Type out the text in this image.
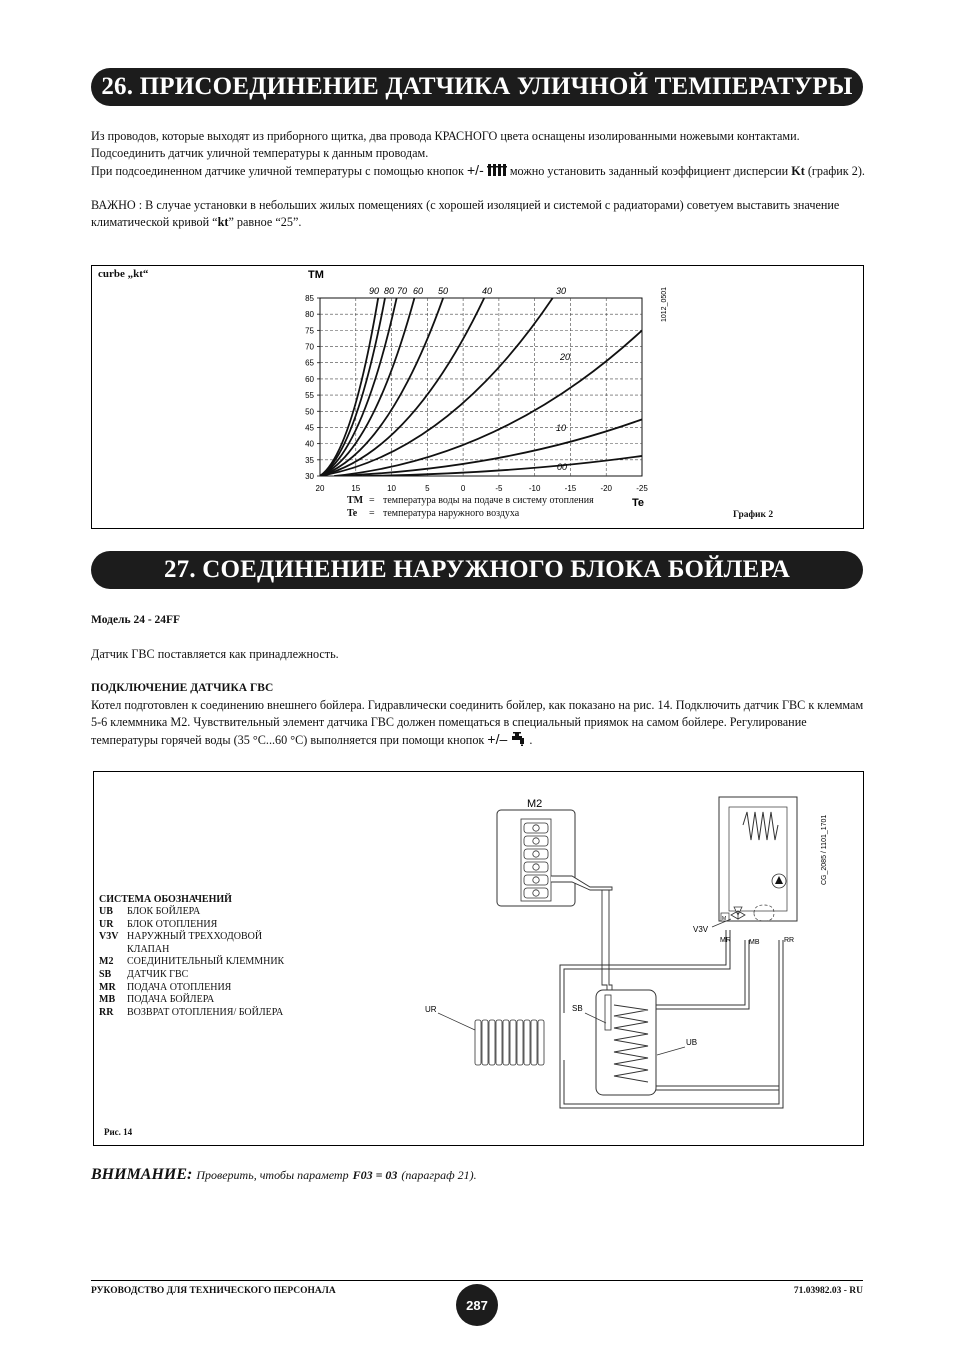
26. ПРИСОЕДИНЕНИЕ ДАТЧИКА УЛИЧНОЙ ТЕМПЕРАТУРЫ

Из проводов, которые выходят из приборного щитка, два провода КРАСНОГО цвета оснащены изолированными ножевыми контактами. Подсоединить датчик уличной температуры к данным проводам.

При подсоединенном датчике уличной температуры с помощью кнопок +/- можно установить заданный коэффициент дисперсии Kt (график 2).

ВАЖНО : В случае установки в небольших жилых помещениях (с хорошей изоляцией и системой с радиаторами) советуем выставить значение климатической кривой “kt” равное “25”.

curbe „kt“
График 2
TM = температура воды на подаче в систему отопления
Te	= температура наружного воздуха
TM
Te
1012_0501
20	15	10	5	0	-5	-10	-15	-20	-25
30
35
40
45
50
55
60
65
70
75
80
85
90 80 70 60 50	40	30
20
10
00
27. СОЕДИНЕНИЕ НАРУЖНОГО БЛОКА БОЙЛЕРА

Модель 24 - 24FF

Датчик ГВС поставляется как принадлежность.

ПОДКЛЮЧЕНИЕ ДАТЧИКА ГВС

Котел подготовлен к соединению внешнего бойлера. Гидравлически соединить бойлер, как показано на рис. 14. Подключить датчик ГВС к клеммам 5-6 клеммника M2. Чувствительный элемент датчика ГВС должен помещаться в специальный приямок на самом бойлере. Регулирование температуры горячей воды (35 °C...60 °C) выполняется при помощи кнопок +/– .

СИСТЕМА ОБОЗНАЧЕНИЙ
UB	БЛОК БОЙЛЕРА
UR	БЛОК ОТОПЛЕНИЯ
V3V НАРУЖНЫЙ ТРЕХХОДОВОЙ
КЛАПАН
M2	СОЕДИНИТЕЛЬНЫЙ КЛЕММНИК
SB	ДАТЧИК ГВС
MR	ПОДАЧА ОТОПЛЕНИЯ
MB	ПОДАЧА БОЙЛЕРА
RR	ВОЗВРАТ ОТОПЛЕНИЯ/ БОЙЛЕРА
Рис. 14
M2
SB
UB
UR
M
V3V
MR	MB	RR
CG_2085 / 1101_1701
ВНИМАНИЕ: Проверить, чтобы параметр F03 = 03 (параграф 21).
РУКОВОДСТВО ДЛЯ ТЕХНИЧЕСКОГО ПЕРСОНАЛА
287
71.03982.03 - RU
